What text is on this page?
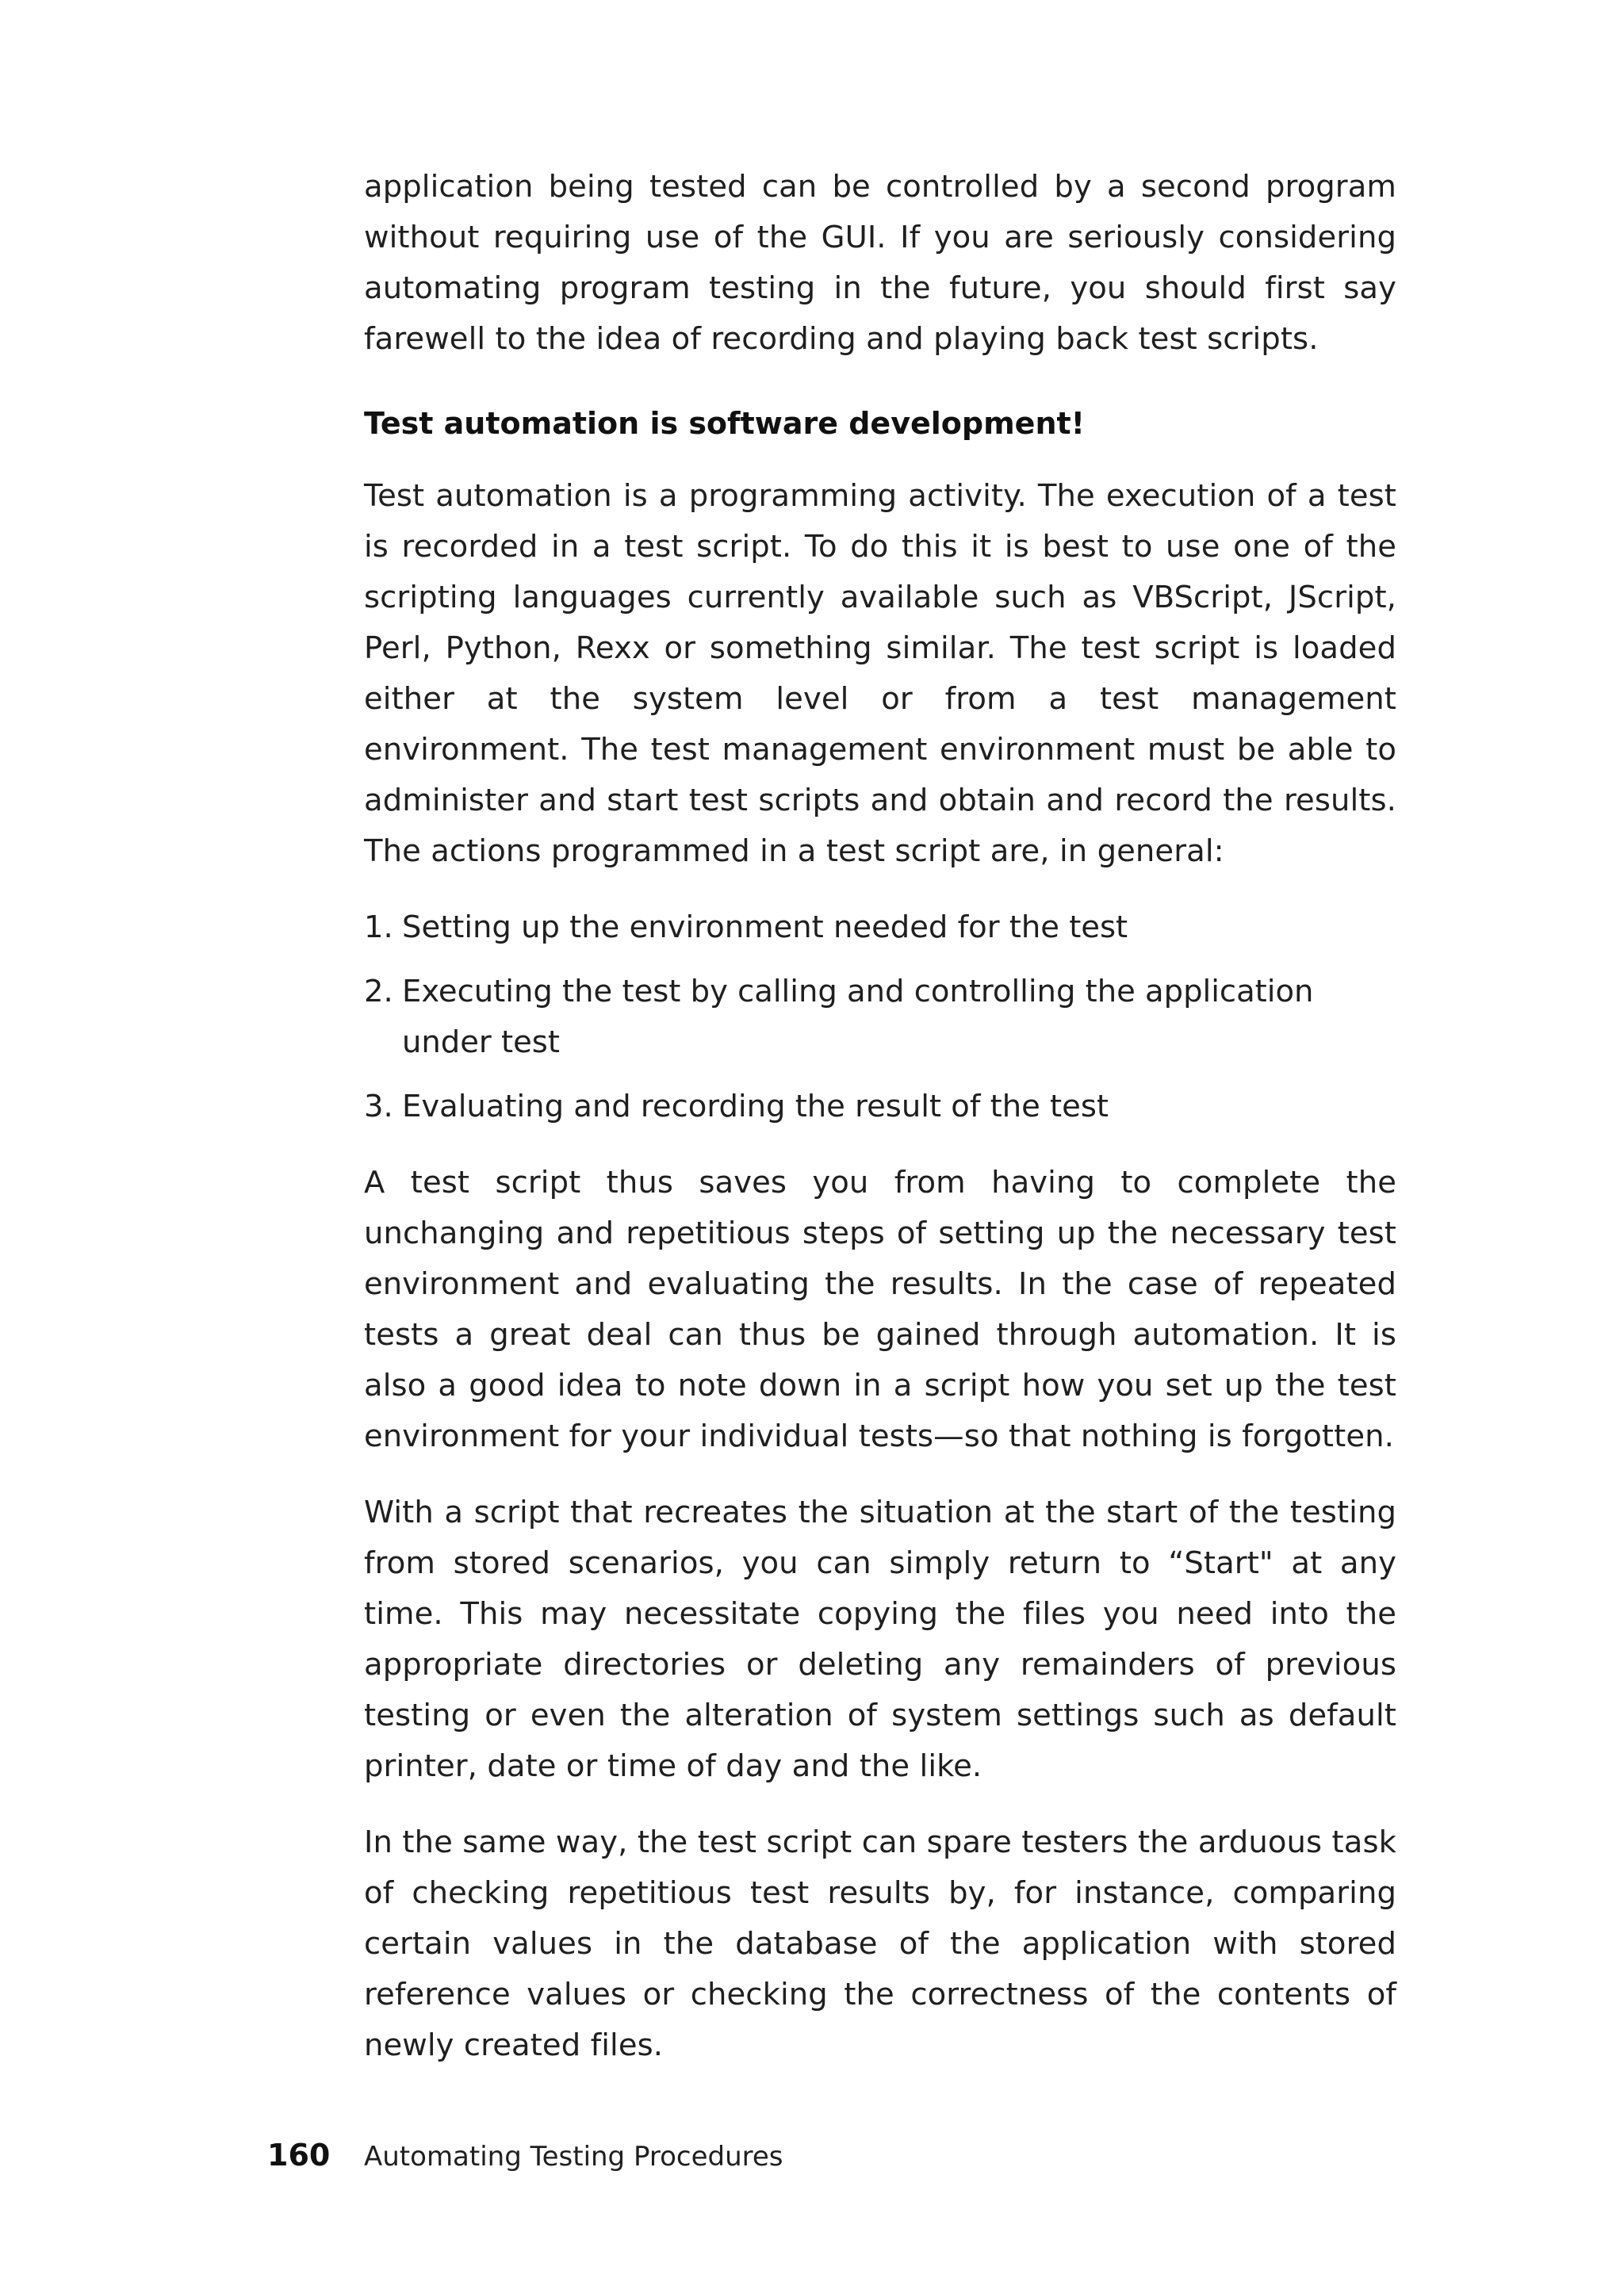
application being tested can be controlled by a second program without requiring use of the GUI. If you are seriously considering automating program testing in the future, you should first say farewell to the idea of recording and playing back test scripts.

Test automation is software development!

Test automation is a programming activity. The execution of a test is recorded in a test script. To do this it is best to use one of the scripting languages currently available such as VBScript, JScript, Perl, Python, Rexx or something similar. The test script is loaded either at the system level or from a test management environment. The test management environment must be able to administer and start test scripts and obtain and record the results. The actions programmed in a test script are, in general:

1. Setting up the environment needed for the test
2. Executing the test by calling and controlling the application under test
3. Evaluating and recording the result of the test

A test script thus saves you from having to complete the unchanging and repetitious steps of setting up the necessary test environment and evaluating the results. In the case of repeated tests a great deal can thus be gained through automation. It is also a good idea to note down in a script how you set up the test environment for your individual tests—so that nothing is forgotten.

With a script that recreates the situation at the start of the testing from stored scenarios, you can simply return to “Start" at any time. This may necessitate copying the files you need into the appropriate directories or deleting any remainders of previous testing or even the alteration of system settings such as default printer, date or time of day and the like.

In the same way, the test script can spare testers the arduous task of checking repetitious test results by, for instance, comparing certain values in the database of the application with stored reference values or checking the correctness of the contents of newly created files.

160	Automating Testing Procedures
